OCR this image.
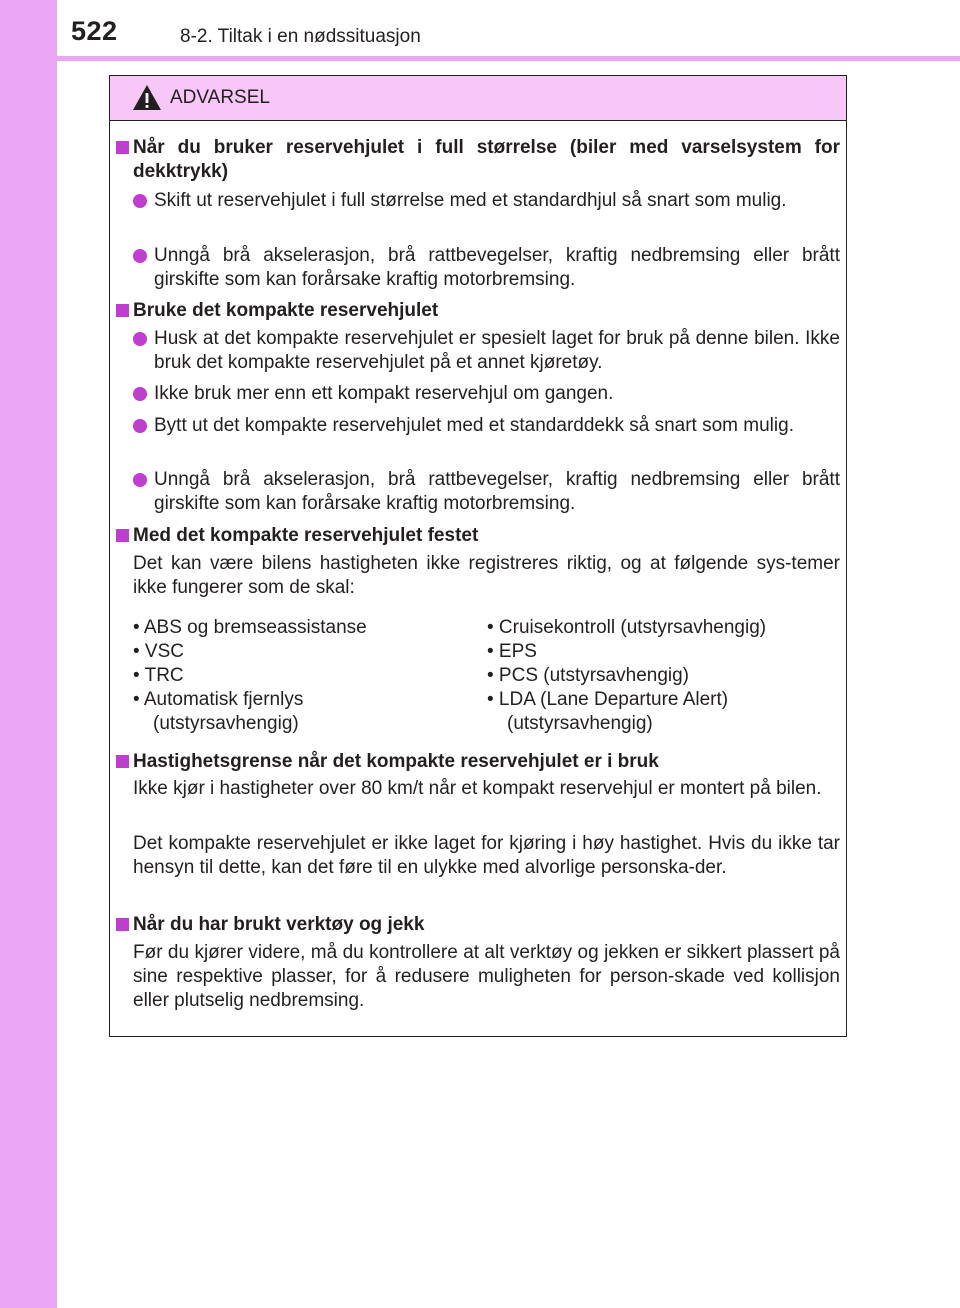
522	8-2. Tiltak i en nødssituasjon
ADVARSEL
Når du bruker reservehjulet i full størrelse (biler med varselsystem for dekktrykk)
Skift ut reservehjulet i full størrelse med et standardhjul så snart som mulig.
Unngå brå akselerasjon, brå rattbevegelser, kraftig nedbremsing eller brått girskifte som kan forårsake kraftig motorbremsing.
Bruke det kompakte reservehjulet
Husk at det kompakte reservehjulet er spesielt laget for bruk på denne bilen. Ikke bruk det kompakte reservehjulet på et annet kjøretøy.
Ikke bruk mer enn ett kompakt reservehjul om gangen.
Bytt ut det kompakte reservehjulet med et standarddekk så snart som mulig.
Unngå brå akselerasjon, brå rattbevegelser, kraftig nedbremsing eller brått girskifte som kan forårsake kraftig motorbremsing.
Med det kompakte reservehjulet festet
Det kan være bilens hastigheten ikke registreres riktig, og at følgende sys-temer ikke fungerer som de skal:
• ABS og bremseassistanse
• VSC
• TRC
• Automatisk fjernlys
(utstyrsavhengig)
• Cruisekontroll (utstyrsavhengig)
• EPS
• PCS (utstyrsavhengig)
• LDA (Lane Departure Alert)
(utstyrsavhengig)
Hastighetsgrense når det kompakte reservehjulet er i bruk
Ikke kjør i hastigheter over 80 km/t når et kompakt reservehjul er montert på bilen.
Det kompakte reservehjulet er ikke laget for kjøring i høy hastighet. Hvis du ikke tar hensyn til dette, kan det føre til en ulykke med alvorlige personska-der.
Når du har brukt verktøy og jekk
Før du kjører videre, må du kontrollere at alt verktøy og jekken er sikkert plassert på sine respektive plasser, for å redusere muligheten for person-skade ved kollisjon eller plutselig nedbremsing.
